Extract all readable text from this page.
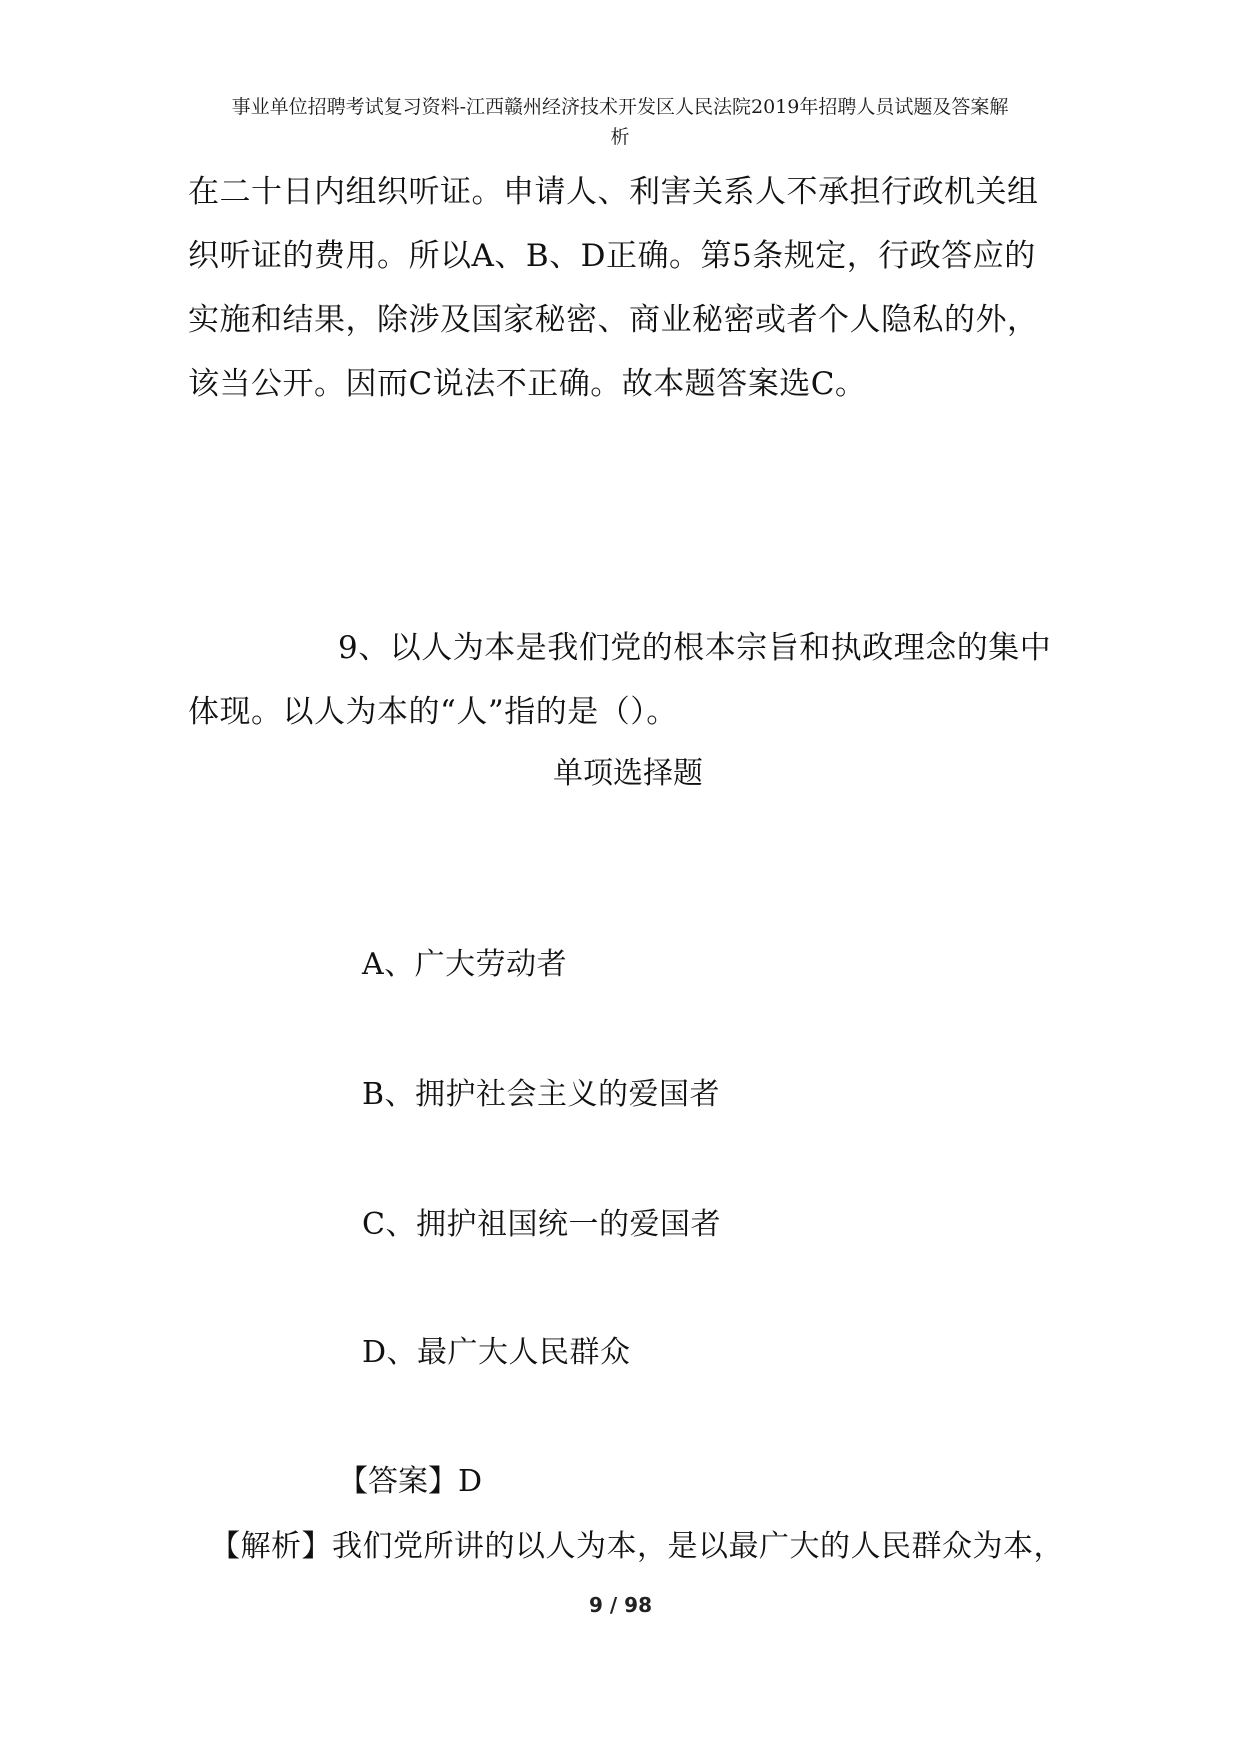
事业单位招聘考试复习资料-江西赣州经济技术开发区人民法院2019年招聘人员试题及答案解
析
在二十日内组织听证。申请人、利害关系人不承担行政机关组织听证的费用。所以A、B、D正确。第5条规定，行政答应的实施和结果，除涉及国家秘密、商业秘密或者个人隐私的外，该当公开。因而C说法不正确。故本题答案选C。
9、以人为本是我们党的根本宗旨和执政理念的集中体现。以人为本的“人”指的是（）。
单项选择题
A、广大劳动者
B、拥护社会主义的爱国者
C、拥护祖国统一的爱国者
D、最广大人民群众
【答案】D
【解析】我们党所讲的以人为本，是以最广大的人民群众为本，
9 / 98
